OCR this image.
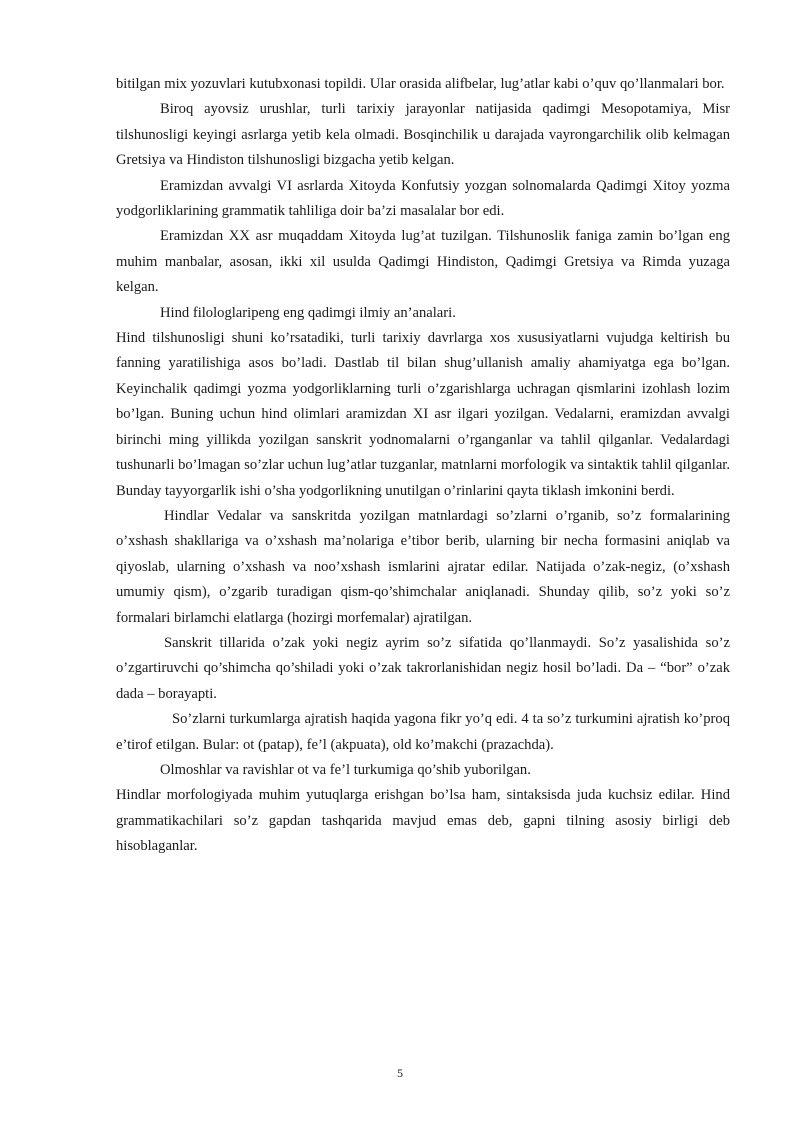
bitilgan mix yozuvlari kutubxonasi topildi. Ular orasida alifbelar, lug’atlar kabi o’quv qo’llanmalari bor.

Biroq ayovsiz urushlar, turli tarixiy jarayonlar natijasida qadimgi Mesopotamiya, Misr tilshunosligi keyingi asrlarga yetib kela olmadi. Bosqinchilik u darajada vayrongarchilik olib kelmagan Gretsiya va Hindiston tilshunosligi bizgacha yetib kelgan.

Eramizdan avvalgi VI asrlarda Xitoyda Konfutsiy yozgan solnomalarda Qadimgi Xitoy yozma yodgorliklarining grammatik tahliliga doir ba’zi masalalar bor edi.

Eramizdan XX asr muqaddam Xitoyda lug’at tuzilgan. Tilshunoslik faniga zamin bo’lgan eng muhim manbalar, asosan, ikki xil usulda Qadimgi Hindiston, Qadimgi Gretsiya va Rimda yuzaga kelgan.

Hind filologlaripeng eng qadimgi ilmiy an’analari.

Hind tilshunosligi shuni ko’rsatadiki, turli tarixiy davrlarga xos xususiyatlarni vujudga keltirish bu fanning yaratilishiga asos bo’ladi. Dastlab til bilan shug’ullanish amaliy ahamiyatga ega bo’lgan. Keyinchalik qadimgi yozma yodgorliklarning turli o’zgarishlarga uchragan qismlarini izohlash lozim bo’lgan. Buning uchun hind olimlari aramizdan XI asr ilgari yozilgan. Vedalarni, eramizdan avvalgi birinchi ming yillikda yozilgan sanskrit yodnomalarni o’rganganlar va tahlil qilganlar. Vedalardagi tushunarli bo’lmagan so’zlar uchun lug’atlar tuzganlar, matnlarni morfologik va sintaktik tahlil qilganlar. Bunday tayyorgarlik ishi o’sha yodgorlikning unutilgan o’rinlarini qayta tiklash imkonini berdi.

Hindlar Vedalar va sanskritda yozilgan matnlardagi so’zlarni o’rganib, so’z formalarining o’xshash shakllariga va o’xshash ma’nolariga e’tibor berib, ularning bir necha formasini aniqlab va qiyoslab, ularning o’xshash va noo’xshash ismlarini ajratar edilar. Natijada o’zak-negiz, (o’xshash umumiy qism), o’zgarib turadigan qism-qo’shimchalar aniqlanadi. Shunday qilib, so’z yoki so’z formalari birlamchi elatlarga (hozirgi morfemalar) ajratilgan.

Sanskrit tillarida o’zak yoki negiz ayrim so’z sifatida qo’llanmaydi. So’z yasalishida so’z o’zgartiruvchi qo’shimcha qo’shiladi yoki o’zak takrorlanishidan negiz hosil bo’ladi. Da – “bor” o’zak dada – borayapti.

So’zlarni turkumlarga ajratish haqida yagona fikr yo’q edi. 4 ta so’z turkumini ajratish ko’proq e’tirof etilgan. Bular: ot (patap), fe’l (akpuata), old ko’makchi (prazachda).

Olmoshlar va ravishlar ot va fe’l turkumiga qo’shib yuborilgan.

Hindlar morfologiyada muhim yutuqlarga erishgan bo’lsa ham, sintaksisda juda kuchsiz edilar. Hind grammatikachilari so’z gapdan tashqarida mavjud emas deb, gapni tilning asosiy birligi deb hisoblaganlar.

5
